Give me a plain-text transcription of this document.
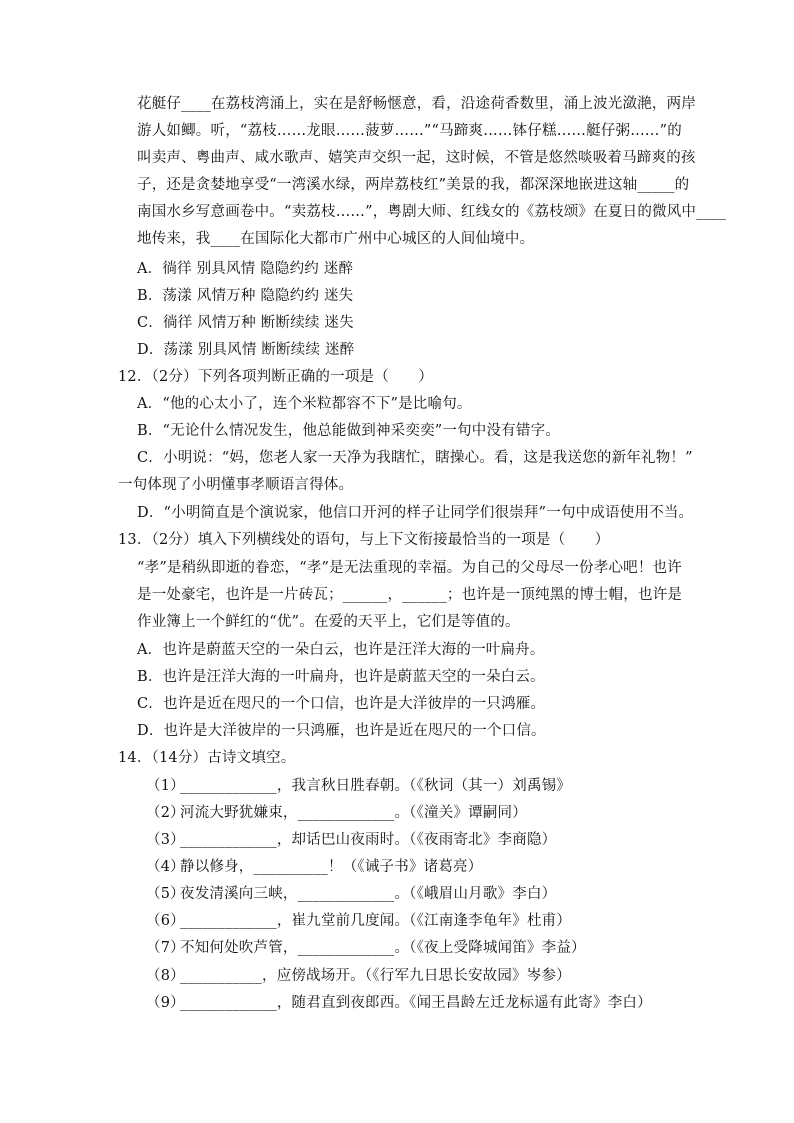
花艇仔____在荔枝湾涌上，实在是舒畅惬意，看，沿途荷香数里，涌上波光潋滟，两岸
游人如鲫。听，“荔枝……龙眼……菠萝……”“马蹄爽……钵仔糕……艇仔粥……”的
叫卖声、粤曲声、咸水歌声、嬉笑声交织一起，这时候，不管是悠然啖吸着马蹄爽的孩
子，还是贪婪地享受“一湾溪水绿，两岸荔枝红”美景的我，都深深地嵌进这轴_____的
南国水乡写意画卷中。“卖荔枝……”，粤剧大师、红线女的《荔枝颂》在夏日的微风中____
地传来，我____在国际化大都市广州中心城区的人间仙境中。
A．徜徉 别具风情 隐隐约约 迷醉
B．荡漾 风情万种 隐隐约约 迷失
C．徜徉 风情万种 断断续续 迷失
D．荡漾 别具风情 断断续续 迷醉
12．（2分）下列各项判断正确的一项是（　　）
A．“他的心太小了，连个米粒都容不下”是比喻句。
B．“无论什么情况发生，他总能做到神采奕奕”一句中没有错字。
C．小明说：“妈，您老人家一天净为我瞎忙，瞎操心。看，这是我送您的新年礼物！”
一句体现了小明懂事孝顺语言得体。
D．“小明简直是个演说家，他信口开河的样子让同学们很崇拜”一句中成语使用不当。
13．（2分）填入下列横线处的语句，与上下文衔接最恰当的一项是（　　）
“孝”是稍纵即逝的眷恋，“孝”是无法重现的幸福。为自己的父母尽一份孝心吧！也许
是一处豪宅，也许是一片砖瓦；______，______；也许是一顶纯黑的博士帽，也许是
作业簿上一个鲜红的“优”。在爱的天平上，它们是等值的。
A．也许是蔚蓝天空的一朵白云，也许是汪洋大海的一叶扁舟。
B．也许是汪洋大海的一叶扁舟，也许是蔚蓝天空的一朵白云。
C．也许是近在咫尺的一个口信，也许是大洋彼岸的一只鸿雁。
D．也许是大洋彼岸的一只鸿雁，也许是近在咫尺的一个口信。
14．（14分）古诗文填空。
（1）_____________，我言秋日胜春朝。（《秋词（其一）刘禹锡》
（2）河流大野犹嫌束，_____________。（《潼关》谭嗣同）
（3）_____________，却话巴山夜雨时。（《夜雨寄北》李商隐）
（4）静以修身，__________！（《诫子书》诸葛亮）
（5）夜发清溪向三峡，_____________。（《峨眉山月歌》李白）
（6）_____________，崔九堂前几度闻。（《江南逢李龟年》杜甫）
（7）不知何处吹芦管，_____________。（《夜上受降城闻笛》李益）
（8）___________，应傍战场开。（《行军九日思长安故园》岑参）
（9）_____________，随君直到夜郎西。《闻王昌龄左迁龙标遥有此寄》李白）
